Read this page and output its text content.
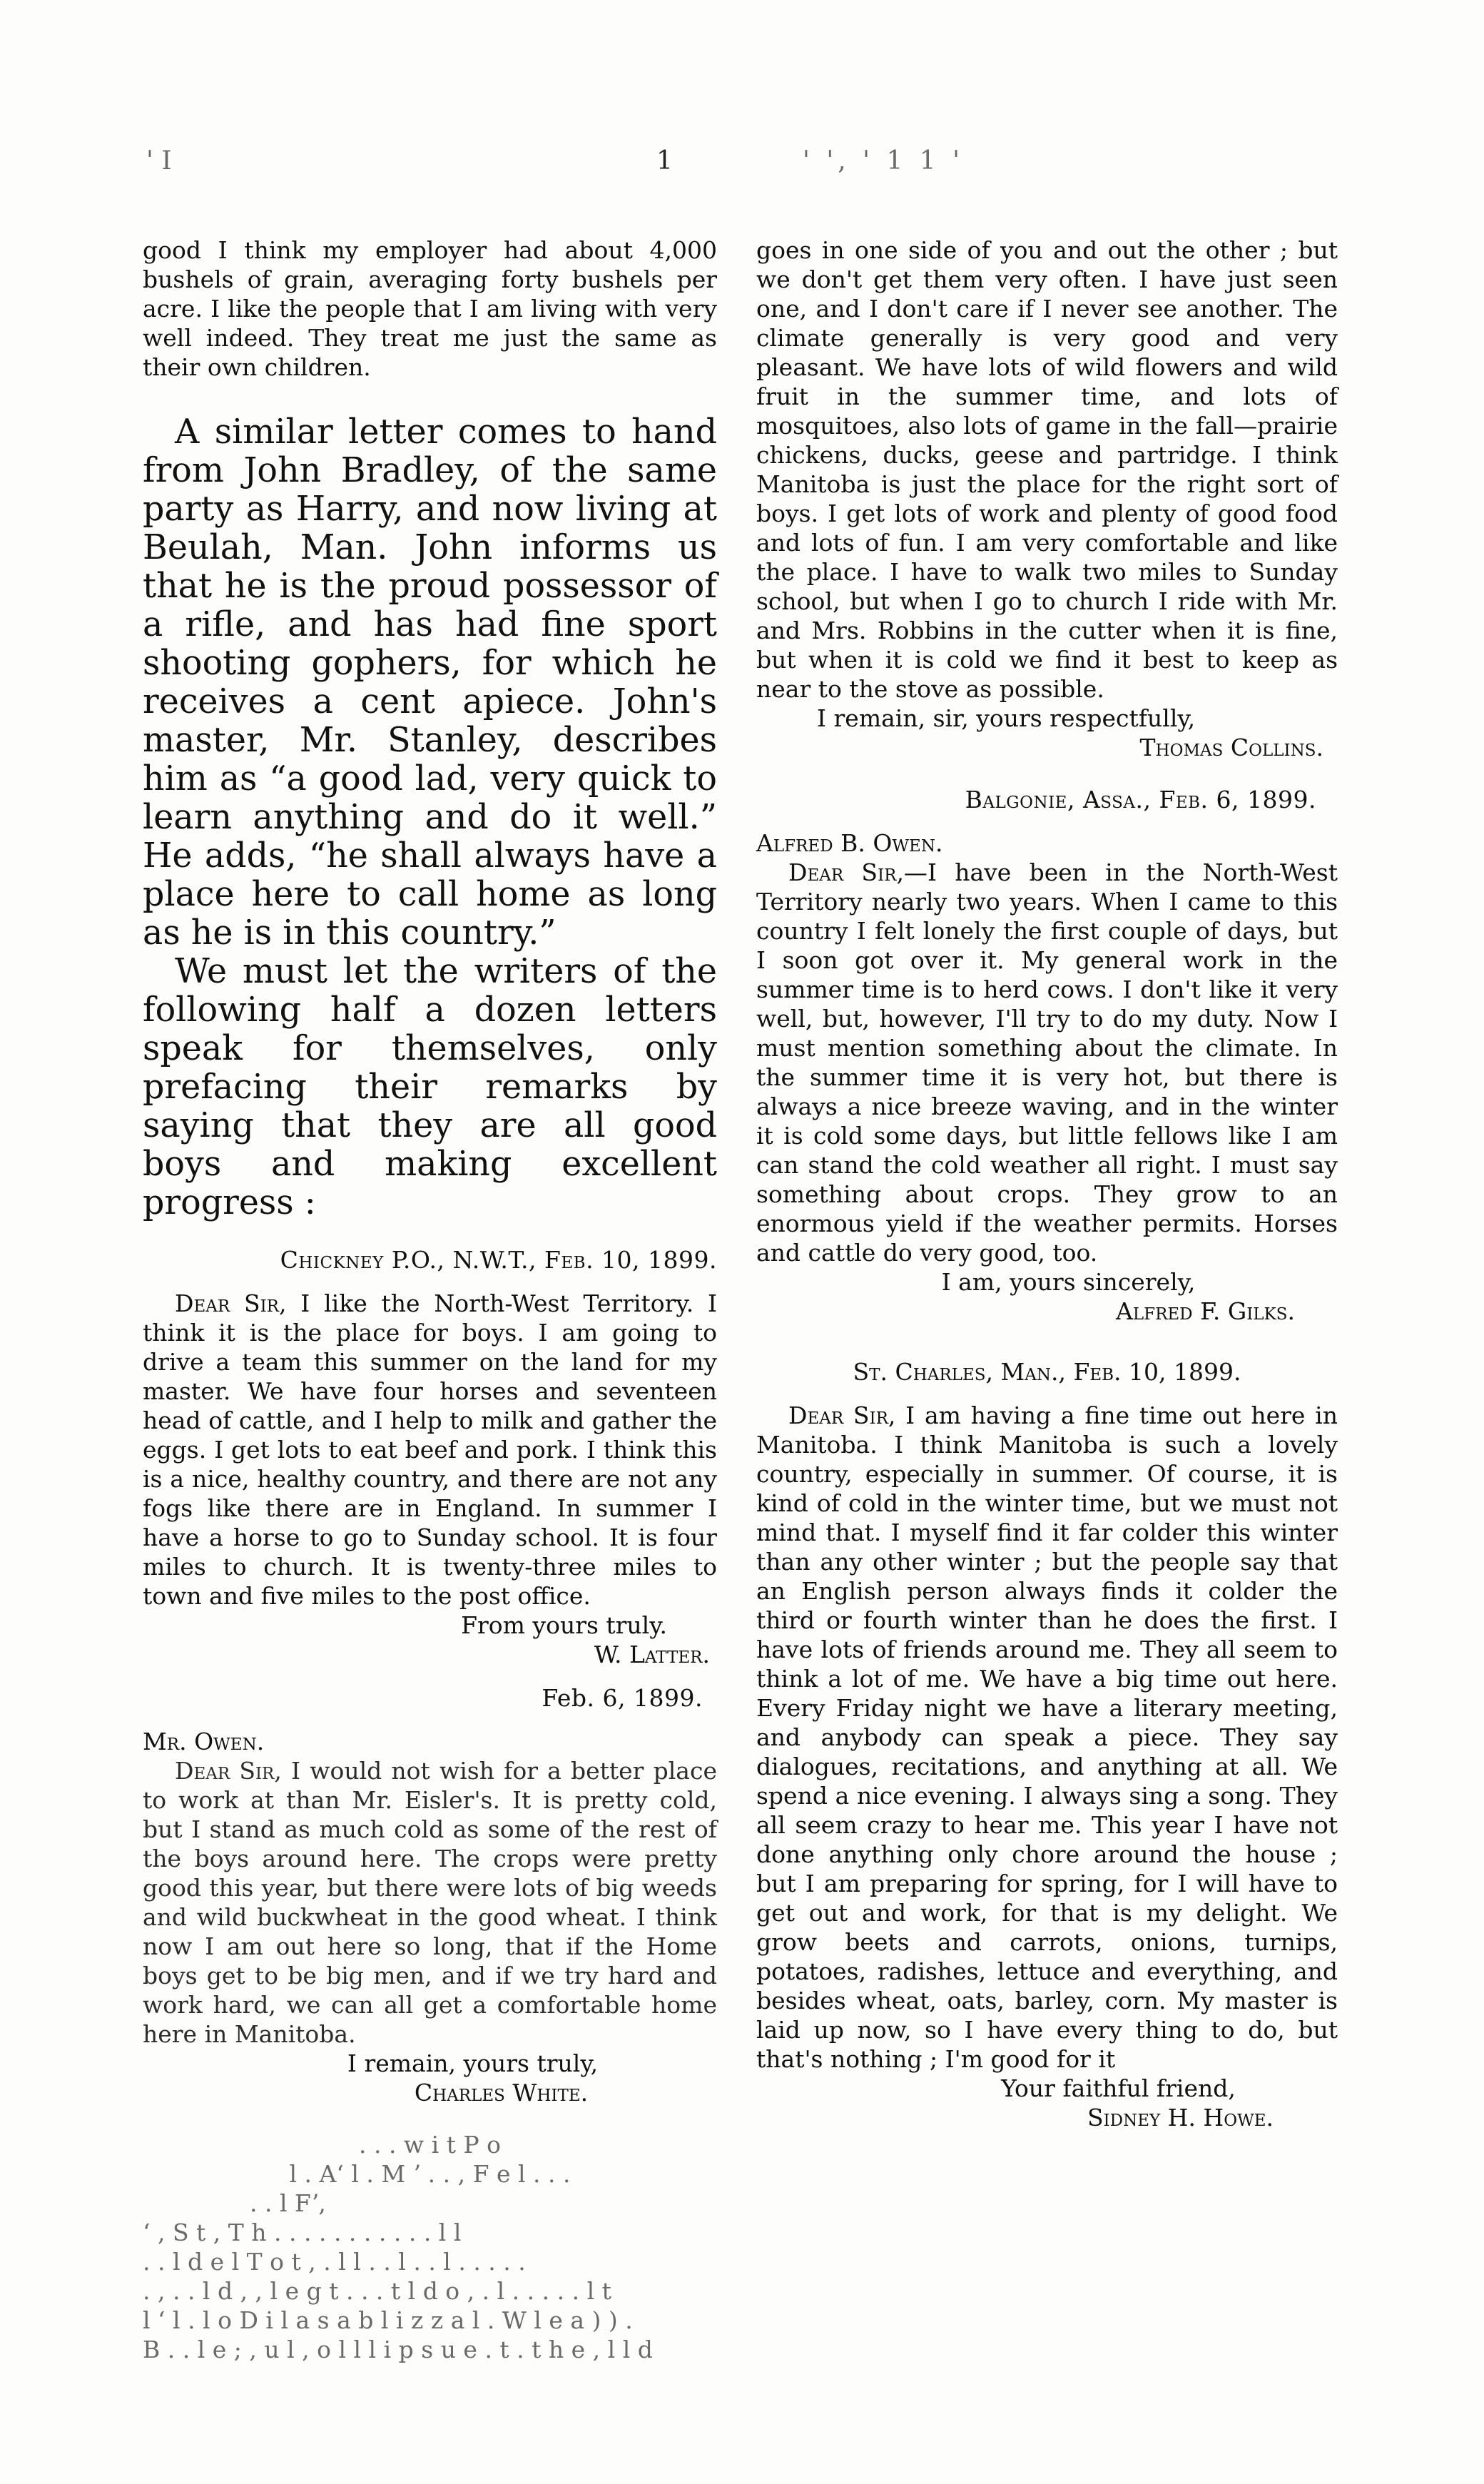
' I	1	' ', ' 1 1 '

good I think my employer had about 4,000 bushels of grain, averaging forty bushels per acre. I like the people that I am living with very well indeed. They treat me just the same as their own children.

A similar letter comes to hand from John Bradley, of the same party as Harry, and now living at Beulah, Man. John informs us that he is the proud possessor of a rifle, and has had fine sport shooting gophers, for which he receives a cent apiece. John's master, Mr. Stanley, describes him as “a good lad, very quick to learn anything and do it well.” He adds, “he shall always have a place here to call home as long as he is in this country.”

We must let the writers of the following half a dozen letters speak for themselves, only prefacing their remarks by saying that they are all good boys and making excellent progress :

Chickney P.O., N.W.T., Feb. 10, 1899.

Dear Sir, I like the North-West Territory. I think it is the place for boys. I am going to drive a team this summer on the land for my master. We have four horses and seventeen head of cattle, and I help to milk and gather the eggs. I get lots to eat beef and pork. I think this is a nice, healthy country, and there are not any fogs like there are in England. In summer I have a horse to go to Sunday school. It is four miles to church. It is twenty-three miles to town and five miles to the post office.

From yours truly.
W. Latter.
Feb. 6, 1899.
Mr. Owen.

Dear Sir, I would not wish for a better place to work at than Mr. Eisler's. It is pretty cold, but I stand as much cold as some of the rest of the boys around here. The crops were pretty good this year, but there were lots of big weeds and wild buckwheat in the good wheat. I think now I am out here so long, that if the Home boys get to be big men, and if we try hard and work hard, we can all get a comfortable home here in Manitoba.

I remain, yours truly,
Charles White.
. . . w i t P o
l . Aʻ l . M ʼ . . , F e l . . .
. . l Fʼ,
ʻ , S t , T h . . . . . . . . . . . l l
. . l d e l T o t , . l l . . l . . l . . . . .
. , . . l d , , l e g t . . . t l d o , . l . . . . . l t
l ʻ l . l o D i l a s a b l i z z a l . W l e a ) ) .
B . . l e ; , u l , o l l l i p s u e . t . t h e , l l d

goes in one side of you and out the other ; but we don't get them very often. I have just seen one, and I don't care if I never see another. The climate generally is very good and very pleasant. We have lots of wild flowers and wild fruit in the summer time, and lots of mosquitoes, also lots of game in the fall—prairie chickens, ducks, geese and partridge. I think Manitoba is just the place for the right sort of boys. I get lots of work and plenty of good food and lots of fun. I am very comfortable and like the place. I have to walk two miles to Sunday school, but when I go to church I ride with Mr. and Mrs. Robbins in the cutter when it is fine, but when it is cold we find it best to keep as near to the stove as possible.

I remain, sir, yours respectfully,
Thomas Collins.
Balgonie, Assa., Feb. 6, 1899.
Alfred B. Owen.

Dear Sir,—I have been in the North-West Territory nearly two years. When I came to this country I felt lonely the first couple of days, but I soon got over it. My general work in the summer time is to herd cows. I don't like it very well, but, however, I'll try to do my duty. Now I must mention something about the climate. In the summer time it is very hot, but there is always a nice breeze waving, and in the winter it is cold some days, but little fellows like I am can stand the cold weather all right. I must say something about crops. They grow to an enormous yield if the weather permits. Horses and cattle do very good, too.

I am, yours sincerely,
Alfred F. Gilks.
St. Charles, Man., Feb. 10, 1899.

Dear Sir, I am having a fine time out here in Manitoba. I think Manitoba is such a lovely country, especially in summer. Of course, it is kind of cold in the winter time, but we must not mind that. I myself find it far colder this winter than any other winter ; but the people say that an English person always finds it colder the third or fourth winter than he does the first. I have lots of friends around me. They all seem to think a lot of me. We have a big time out here. Every Friday night we have a literary meeting, and anybody can speak a piece. They say dialogues, recitations, and anything at all. We spend a nice evening. I always sing a song. They all seem crazy to hear me. This year I have not done anything only chore around the house ; but I am preparing for spring, for I will have to get out and work, for that is my delight. We grow beets and carrots, onions, turnips, potatoes, radishes, lettuce and everything, and besides wheat, oats, barley, corn. My master is laid up now, so I have every thing to do, but that's nothing ; I'm good for it

Your faithful friend,
Sidney H. Howe.
